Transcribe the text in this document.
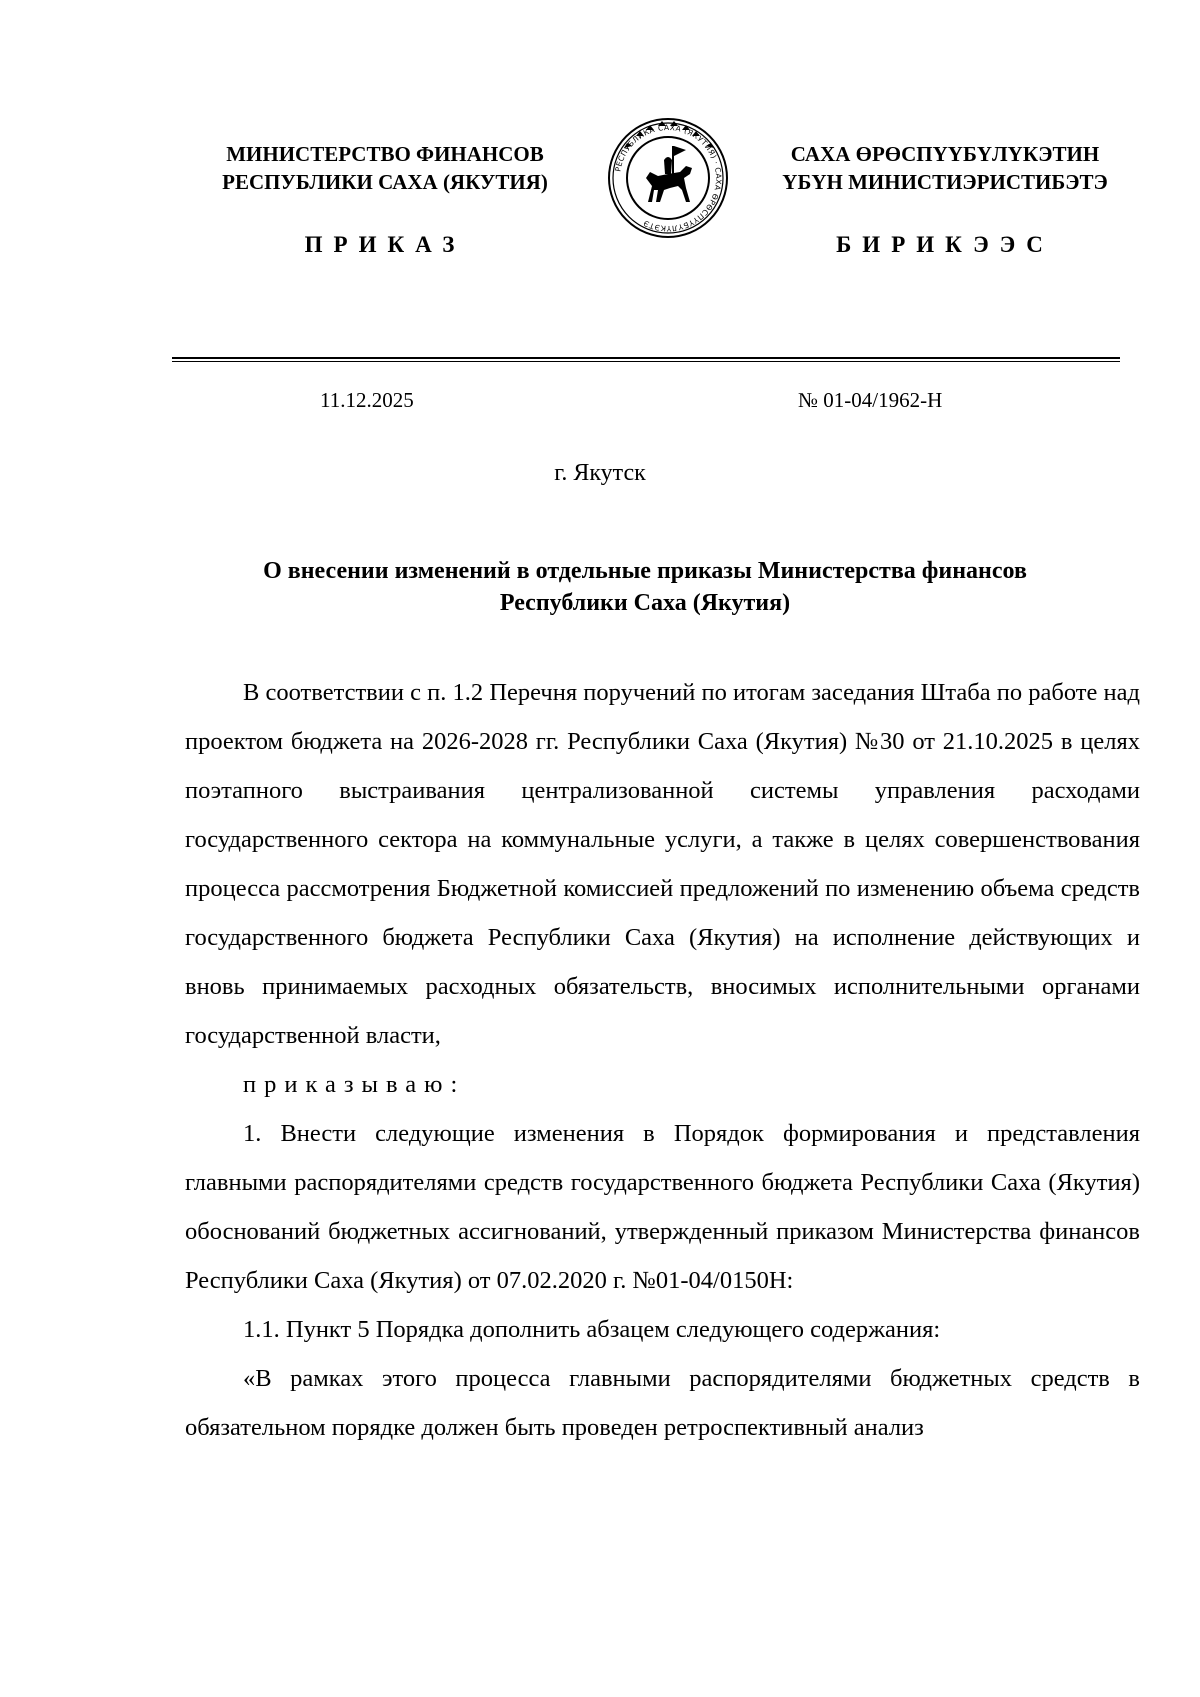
МИНИСТЕРСТВО ФИНАНСОВ
РЕСПУБЛИКИ САХА (ЯКУТИЯ)
РЕСПУБЛИКА САХА (ЯКУТИЯ) · САХА ӨРӨСПҮҮБҮЛҮКЭТЭ
САХА ӨРӨСПҮҮБҮЛҮКЭТИН
ҮБҮН МИНИСТИЭРИСТИБЭТЭ
ПРИКАЗ	БИРИКЭЭС
11.12.2025	№ 01-04/1962-Н
г. Якутск
О внесении изменений в отдельные приказы Министерства финансов
Республики Саха (Якутия)

В соответствии с п. 1.2 Перечня поручений по итогам заседания Штаба по работе над проектом бюджета на 2026-2028 гг. Республики Саха (Якутия) №30 от 21.10.2025 в целях поэтапного выстраивания централизованной системы управления расходами государственного сектора на коммунальные услуги, а также в целях совершенствования процесса рассмотрения Бюджетной комиссией предложений по изменению объема средств государственного бюджета Республики Саха (Якутия) на исполнение действующих и вновь принимаемых расходных обязательств, вносимых исполнительными органами государственной власти,

приказываю:

1. Внести следующие изменения в Порядок формирования и представления главными распорядителями средств государственного бюджета Республики Саха (Якутия) обоснований бюджетных ассигнований, утвержденный приказом Министерства финансов Республики Саха (Якутия) от 07.02.2020 г. №01-04/0150Н:

1.1. Пункт 5 Порядка дополнить абзацем следующего содержания:

«В рамках этого процесса главными распорядителями бюджетных средств в обязательном порядке должен быть проведен ретроспективный анализ
